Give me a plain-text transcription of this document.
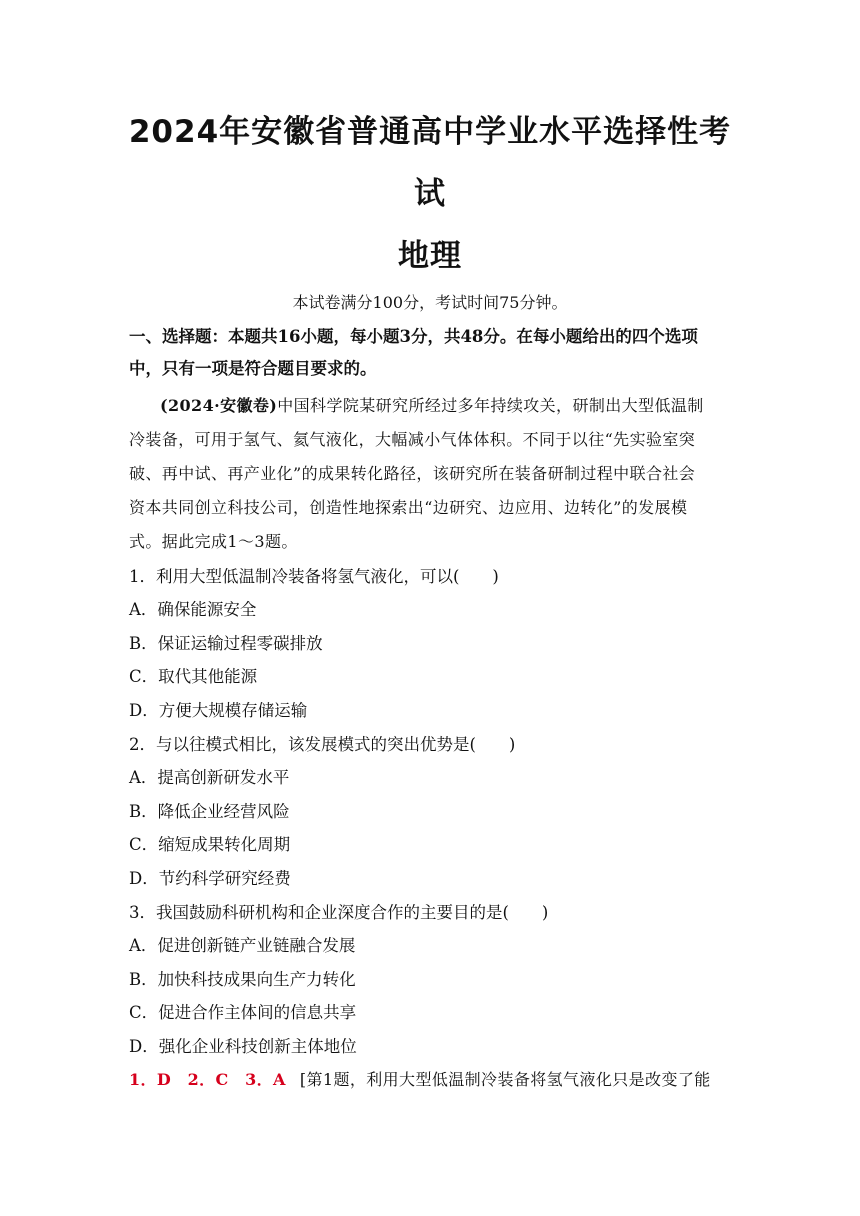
2024年安徽省普通高中学业水平选择性考
试
地理
本试卷满分100分，考试时间75分钟。
一、选择题：本题共16小题，每小题3分，共48分。在每小题给出的四个选项
中，只有一项是符合题目要求的。
(2024·安徽卷)中国科学院某研究所经过多年持续攻关，研制出大型低温制
冷装备，可用于氢气、氦气液化，大幅减小气体体积。不同于以往“先实验室突
破、再中试、再产业化”的成果转化路径，该研究所在装备研制过程中联合社会
资本共同创立科技公司，创造性地探索出“边研究、边应用、边转化”的发展模
式。据此完成1～3题。
1．利用大型低温制冷装备将氢气液化，可以(　　)
A．确保能源安全
B．保证运输过程零碳排放
C．取代其他能源
D．方便大规模存储运输
2．与以往模式相比，该发展模式的突出优势是(　　)
A．提高创新研发水平
B．降低企业经营风险
C．缩短成果转化周期
D．节约科学研究经费
3．我国鼓励科研机构和企业深度合作的主要目的是(　　)
A．促进创新链产业链融合发展
B．加快科技成果向生产力转化
C．促进合作主体间的信息共享
D．强化企业科技创新主体地位
1．D　2．C　3．A [第1题，利用大型低温制冷装备将氢气液化只是改变了能
